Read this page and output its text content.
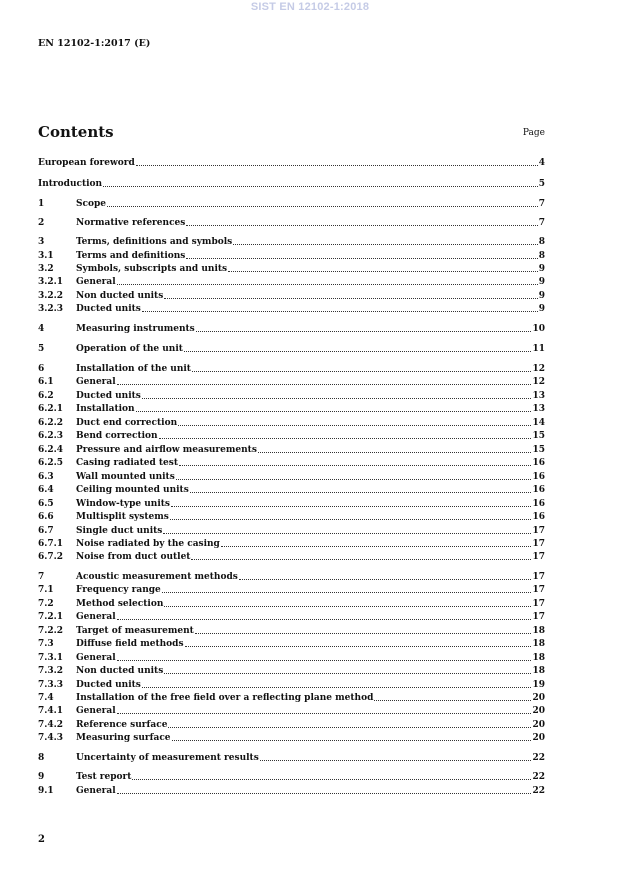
SIST EN 12102-1:2018
EN 12102-1:2017 (E)
Contents	Page
European foreword	4
Introduction	5
1	Scope	7
2	Normative references	7
3	Terms, definitions and symbols	8
3.1	Terms and definitions	8
3.2	Symbols, subscripts and units	9
3.2.1	General	9
3.2.2	Non ducted units	9
3.2.3	Ducted units	9
4	Measuring instruments	10
5	Operation of the unit	11
6	Installation of the unit	12
6.1	General	12
6.2	Ducted units	13
6.2.1	Installation	13
6.2.2	Duct end correction	14
6.2.3	Bend correction	15
6.2.4	Pressure and airflow measurements	15
6.2.5	Casing radiated test	16
6.3	Wall mounted units	16
6.4	Ceiling mounted units	16
6.5	Window-type units	16
6.6	Multisplit systems	16
6.7	Single duct units	17
6.7.1	Noise radiated by the casing	17
6.7.2	Noise from duct outlet	17
7	Acoustic measurement methods	17
7.1	Frequency range	17
7.2	Method selection	17
7.2.1	General	17
7.2.2	Target of measurement	18
7.3	Diffuse field methods	18
7.3.1	General	18
7.3.2	Non ducted units	18
7.3.3	Ducted units	19
7.4	Installation of the free field over a reflecting plane method	20
7.4.1	General	20
7.4.2	Reference surface	20
7.4.3	Measuring surface	20
8	Uncertainty of measurement results	22
9	Test report	22
9.1	General	22
2
